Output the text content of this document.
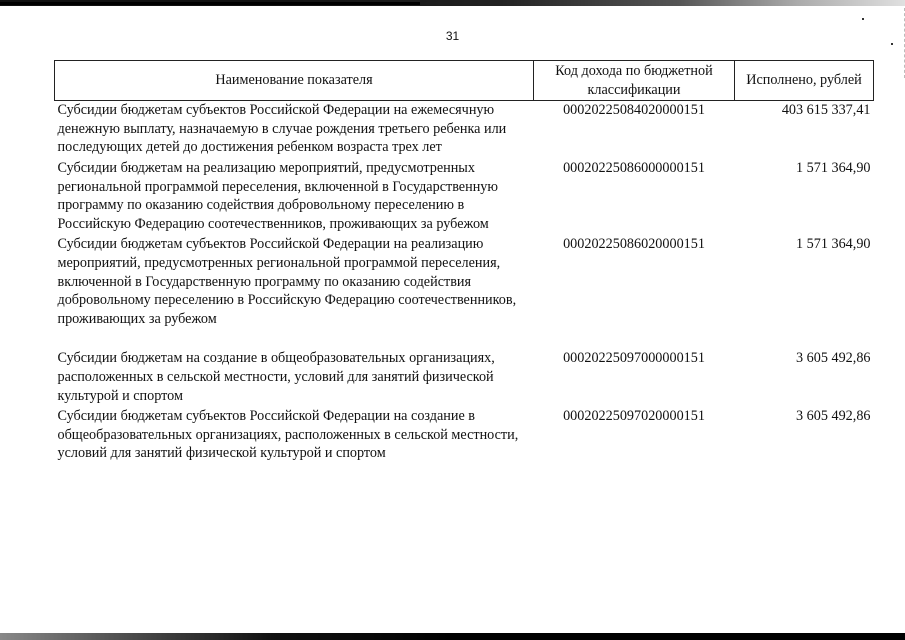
31
Наименование показателя	Код дохода по бюджетной классификации	Исполнено, рублей
Субсидии бюджетам субъектов Российской Федерации на ежемесячную денежную выплату, назначаемую в случае рождения третьего ребенка или последующих детей до достижения ребенком возраста трех лет	00020225084020000151	403 615 337,41
Субсидии бюджетам на реализацию мероприятий, предусмотренных региональной программой переселения, включенной в Государственную программу по оказанию содействия добровольному переселению в Российскую Федерацию соотечественников, проживающих за рубежом	00020225086000000151	1 571 364,90
Субсидии бюджетам субъектов Российской Федерации на реализацию мероприятий, предусмотренных региональной программой переселения, включенной в Государственную программу по оказанию содействия добровольному переселению в Российскую Федерацию соотечественников, проживающих за рубежом	00020225086020000151	1 571 364,90

Субсидии бюджетам на создание в общеобразовательных организациях, расположенных в сельской местности, условий для занятий физической культурой и спортом	00020225097000000151	3 605 492,86
Субсидии бюджетам субъектов Российской Федерации на создание в общеобразовательных организациях, расположенных в сельской местности, условий для занятий физической культурой и спортом	00020225097020000151	3 605 492,86
